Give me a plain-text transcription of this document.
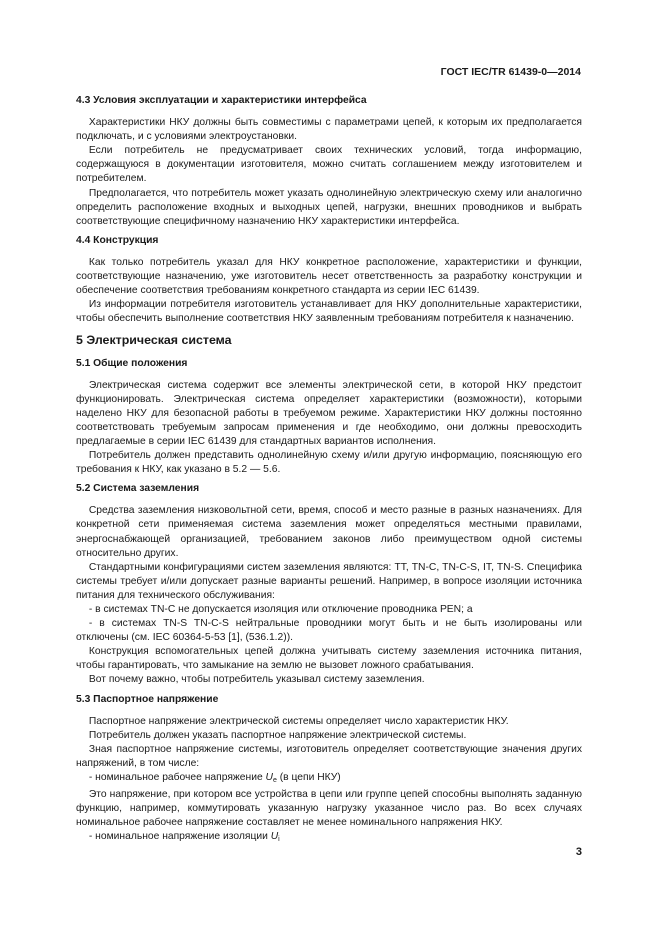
ГОСТ IEC/TR 61439-0—2014
4.3 Условия эксплуатации и характеристики интерфейса

Характеристики НКУ должны быть совместимы с параметрами цепей, к которым их предполагается подключать, и с условиями электроустановки.

Если потребитель не предусматривает своих технических условий, тогда информацию, содержащуюся в документации изготовителя, можно считать соглашением между изготовителем и потребителем.

Предполагается, что потребитель может указать однолинейную электрическую схему или аналогично определить расположение входных и выходных цепей, нагрузки, внешних проводников и выбрать соответствующие специфичному назначению НКУ характеристики интерфейса.

4.4 Конструкция

Как только потребитель указал для НКУ конкретное расположение, характеристики и функции, соответствующие назначению, уже изготовитель несет ответственность за разработку конструкции и обеспечение соответствия требованиям конкретного стандарта из серии IEC 61439.

Из информации потребителя изготовитель устанавливает для НКУ дополнительные характеристики, чтобы обеспечить выполнение соответствия НКУ заявленным требованиям потребителя к назначению.

5 Электрическая система
5.1 Общие положения

Электрическая система содержит все элементы электрической сети, в которой НКУ предстоит функционировать. Электрическая система определяет характеристики (возможности), которыми наделено НКУ для безопасной работы в требуемом режиме. Характеристики НКУ должны постоянно соответствовать требуемым запросам применения и где необходимо, они должны превосходить предлагаемые в серии IEC 61439 для стандартных вариантов исполнения.

Потребитель должен представить однолинейную схему и/или другую информацию, поясняющую его требования к НКУ, как указано в 5.2 — 5.6.

5.2 Система заземления

Средства заземления низковольтной сети, время, способ и место разные в разных назначениях. Для конкретной сети применяемая система заземления может определяться местными правилами, энергоснабжающей организацией, требованием законов либо преимуществом одной системы относительно других.

Стандартными конфигурациями систем заземления являются: TT, TN-C, TN-C-S, IT, TN-S. Специфика системы требует и/или допускает разные варианты решений. Например, в вопросе изоляции источника питания для технического обслуживания:

- в системах TN-C не допускается изоляция или отключение проводника PEN; а

- в системах TN-S TN-C-S нейтральные проводники могут быть и не быть изолированы или отключены (см. IEC 60364-5-53 [1], (536.1.2)).

Конструкция вспомогательных цепей должна учитывать систему заземления источника питания, чтобы гарантировать, что замыкание на землю не вызовет ложного срабатывания.

Вот почему важно, чтобы потребитель указывал систему заземления.

5.3 Паспортное напряжение

Паспортное напряжение электрической системы определяет число характеристик НКУ.

Потребитель должен указать паспортное напряжение электрической системы.

Зная паспортное напряжение системы, изготовитель определяет соответствующие значения других напряжений, в том числе:

- номинальное рабочее напряжение $U_e$ (в цепи НКУ)

Это напряжение, при котором все устройства в цепи или группе цепей способны выполнять заданную функцию, например, коммутировать указанную нагрузку указанное число раз. Во всех случаях номинальное рабочее напряжение составляет не менее номинального напряжения НКУ.

- номинальное напряжение изоляции $U_i$

3
